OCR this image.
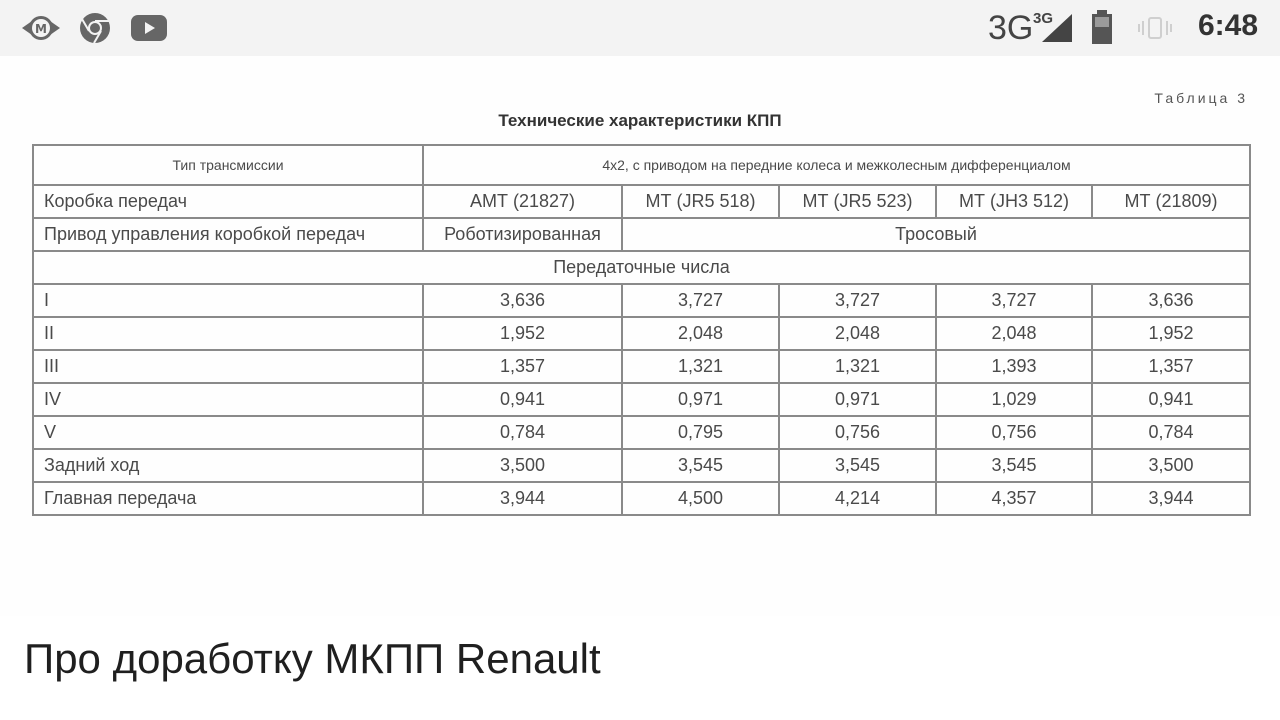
M	3G 3G	6:48
Таблица 3
Технические характеристики КПП
Тип трансмиссии	4x2, с приводом на передние колеса и межколесным дифференциалом				
Коробка передач	АМТ (21827)	МТ (JR5 518)	МТ (JR5 523)	МТ (JH3 512)	МТ (21809)
Привод управления коробкой передач	Роботизированная	Тросовый			
Передаточные числа					
I	3,636	3,727	3,727	3,727	3,636
II	1,952	2,048	2,048	2,048	1,952
III	1,357	1,321	1,321	1,393	1,357
IV	0,941	0,971	0,971	1,029	0,941
V	0,784	0,795	0,756	0,756	0,784
Задний ход	3,500	3,545	3,545	3,545	3,500
Главная передача	3,944	4,500	4,214	4,357	3,944
Про доработку МКПП Renault
